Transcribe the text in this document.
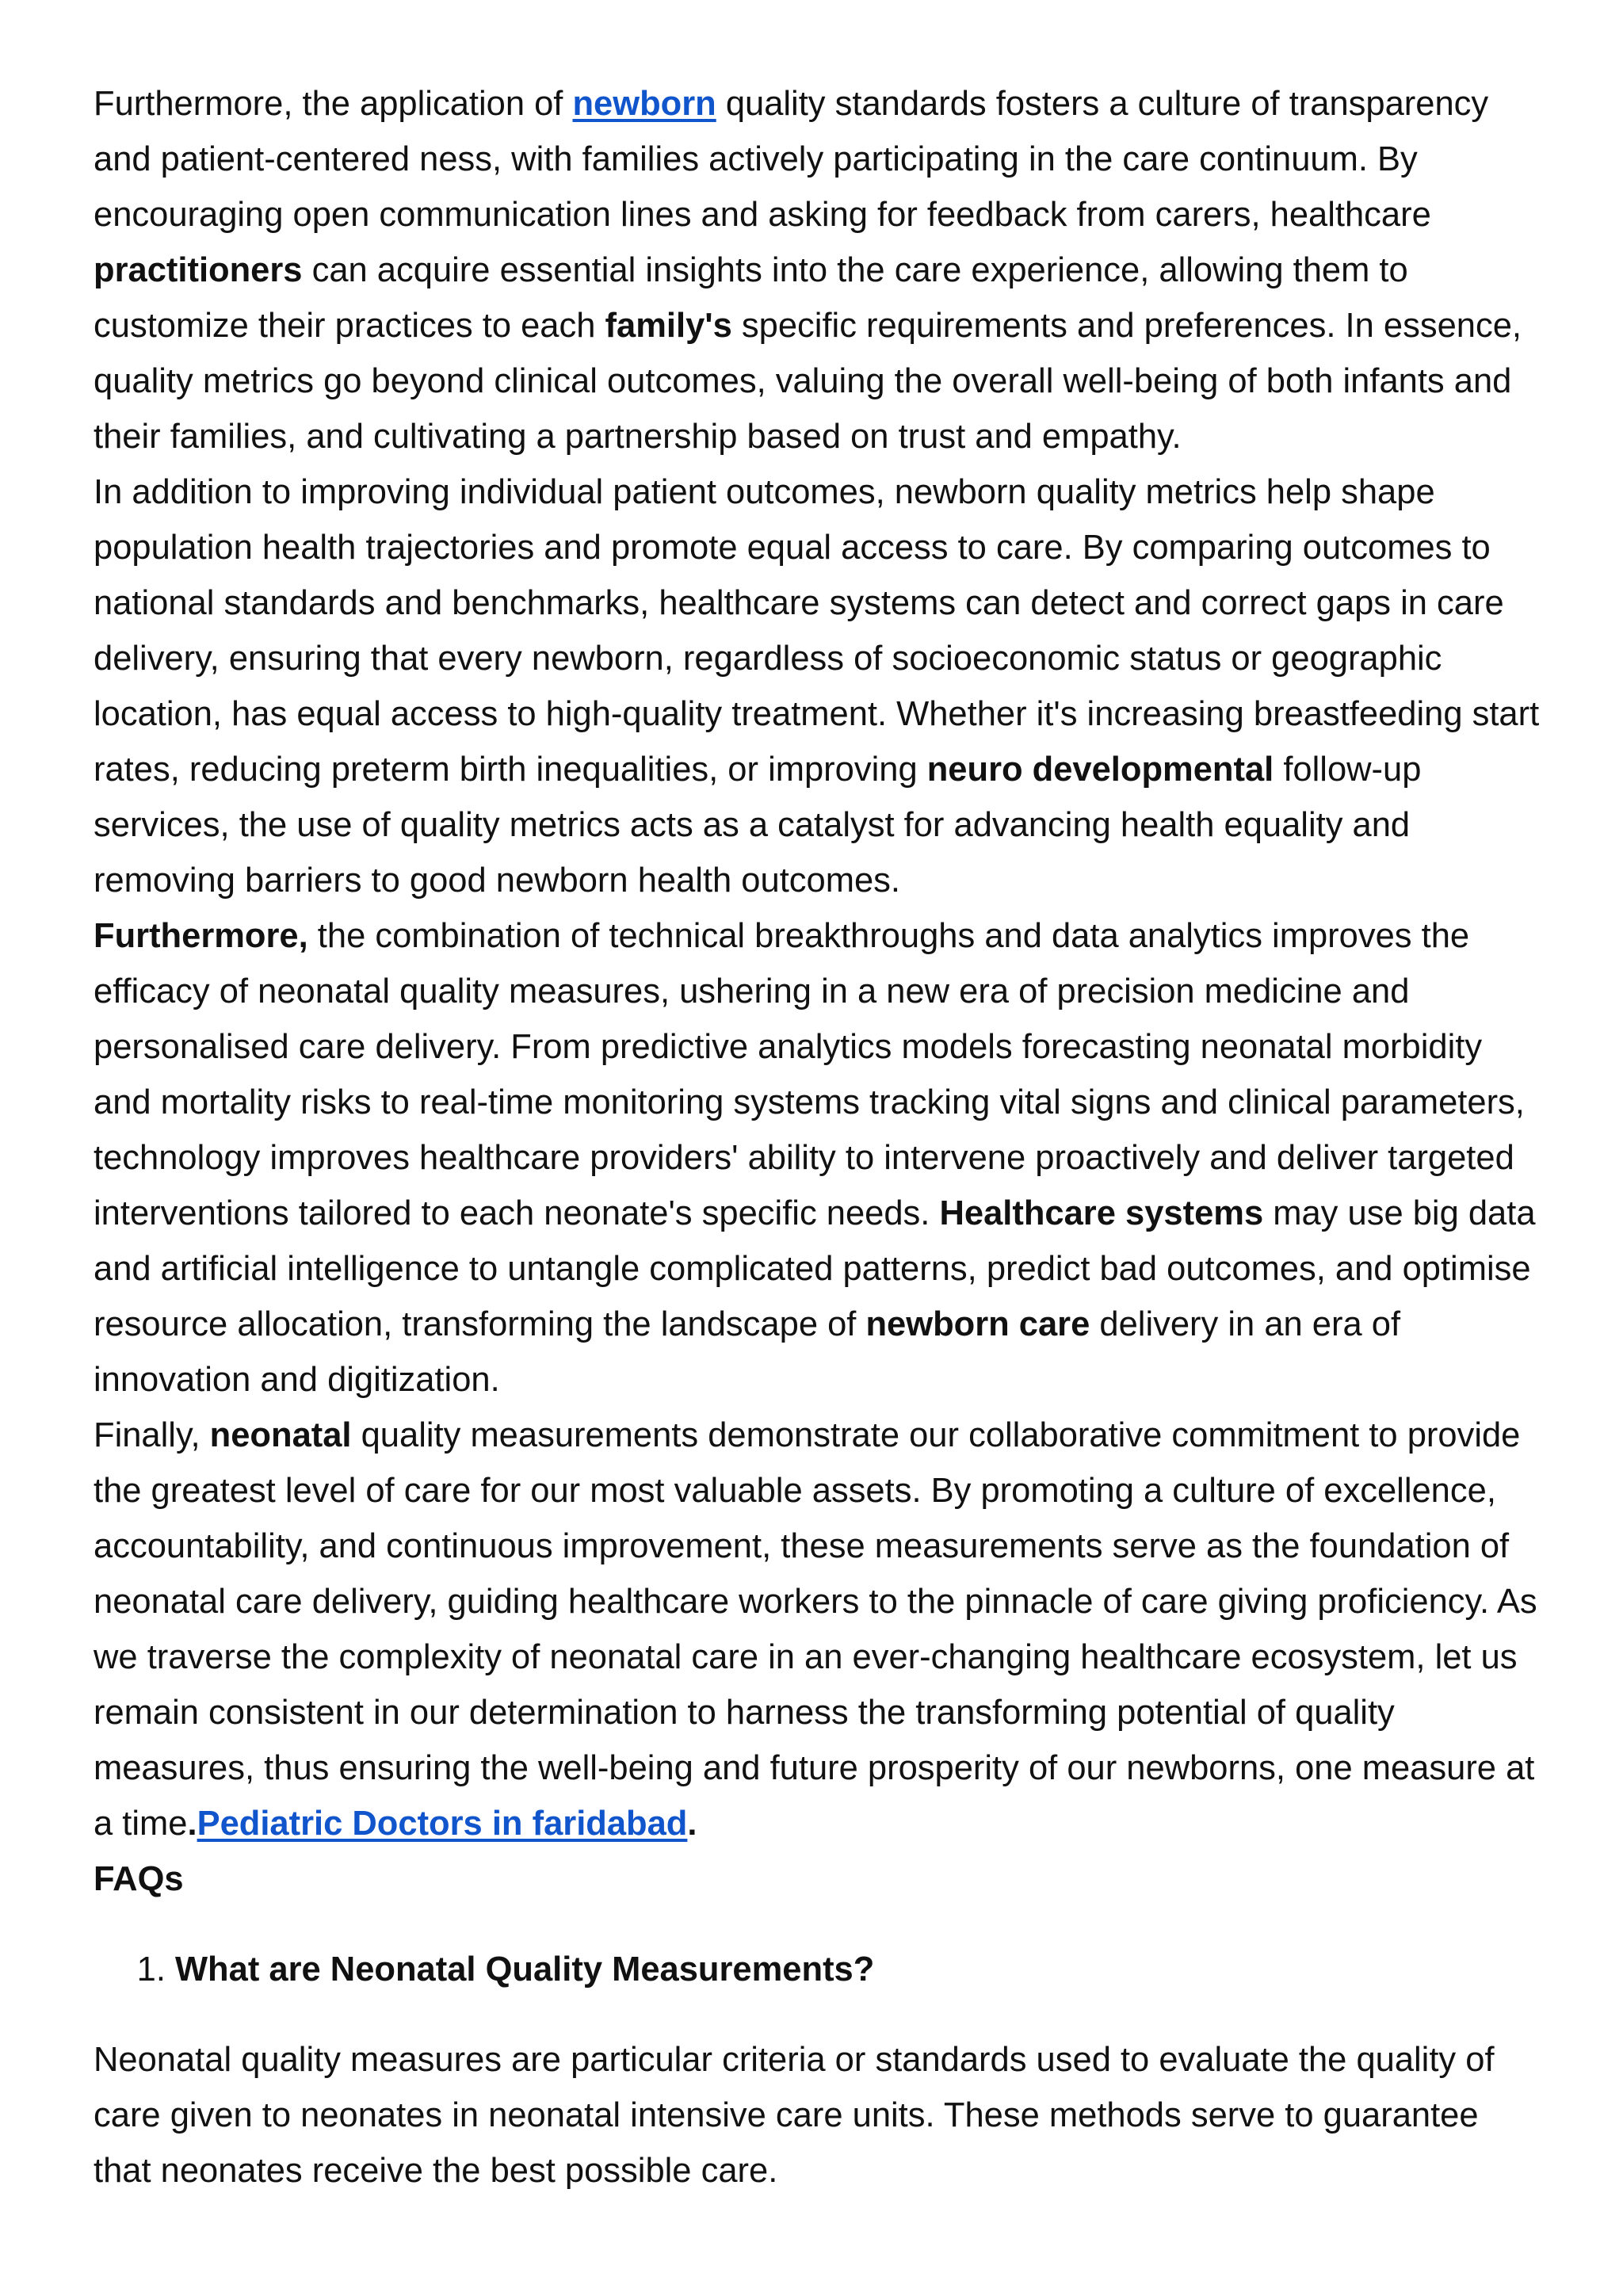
Furthermore, the application of newborn quality standards fosters a culture of transparency and patient-centered ness, with families actively participating in the care continuum. By encouraging open communication lines and asking for feedback from carers, healthcare practitioners can acquire essential insights into the care experience, allowing them to customize their practices to each family's specific requirements and preferences. In essence, quality metrics go beyond clinical outcomes, valuing the overall well-being of both infants and their families, and cultivating a partnership based on trust and empathy.

In addition to improving individual patient outcomes, newborn quality metrics help shape population health trajectories and promote equal access to care. By comparing outcomes to national standards and benchmarks, healthcare systems can detect and correct gaps in care delivery, ensuring that every newborn, regardless of socioeconomic status or geographic location, has equal access to high-quality treatment. Whether it's increasing breastfeeding start rates, reducing preterm birth inequalities, or improving neuro developmental follow-up services, the use of quality metrics acts as a catalyst for advancing health equality and removing barriers to good newborn health outcomes.

Furthermore, the combination of technical breakthroughs and data analytics improves the efficacy of neonatal quality measures, ushering in a new era of precision medicine and personalised care delivery. From predictive analytics models forecasting neonatal morbidity and mortality risks to real-time monitoring systems tracking vital signs and clinical parameters, technology improves healthcare providers' ability to intervene proactively and deliver targeted interventions tailored to each neonate's specific needs. Healthcare systems may use big data and artificial intelligence to untangle complicated patterns, predict bad outcomes, and optimise resource allocation, transforming the landscape of newborn care delivery in an era of innovation and digitization.

Finally, neonatal quality measurements demonstrate our collaborative commitment to provide the greatest level of care for our most valuable assets. By promoting a culture of excellence, accountability, and continuous improvement, these measurements serve as the foundation of neonatal care delivery, guiding healthcare workers to the pinnacle of care giving proficiency. As we traverse the complexity of neonatal care in an ever-changing healthcare ecosystem, let us remain consistent in our determination to harness the transforming potential of quality measures, thus ensuring the well-being and future prosperity of our newborns, one measure at a time.Pediatric Doctors in faridabad.

FAQs

1. What are Neonatal Quality Measurements?

Neonatal quality measures are particular criteria or standards used to evaluate the quality of care given to neonates in neonatal intensive care units. These methods serve to guarantee that neonates receive the best possible care.
